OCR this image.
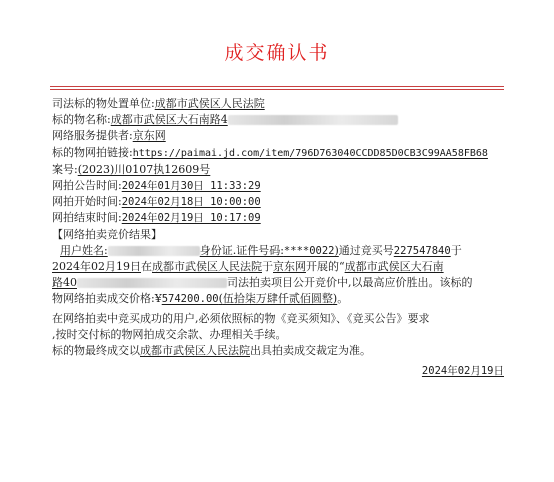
成交确认书
司法标的物处置单位:成都市武侯区人民法院
标的物名称:成都市武侯区大石南路4
网络服务提供者:京东网
标的物网拍链接:https://paimai.jd.com/item/796D763040CCDD85D0CB3C99AA58FB68
案号:(2023)川0107执12609号
网拍公告时间:2024年01月30日 11:33:29
网拍开始时间:2024年02月18日 10:00:00
网拍结束时间:2024年02月19日 10:17:09
【网络拍卖竞价结果】
用户姓名:	身份证.证件号码:****0022)通过竞买号227547840于
2024年02月19日在成都市武侯区人民法院于京东网开展的“成都市武侯区大石南
路40	司法拍卖项目公开竞价中,以最高应价胜出。该标的
物网络拍卖成交价格:¥574200.00(伍拾柒万肆仟贰佰圆整)。
在网络拍卖中竞买成功的用户,必须依照标的物《竞买须知》、《竞买公告》要求
,按时交付标的物网拍成交余款、办理相关手续。
标的物最终成交以成都市武侯区人民法院出具拍卖成交裁定为准。
2024年02月19日
